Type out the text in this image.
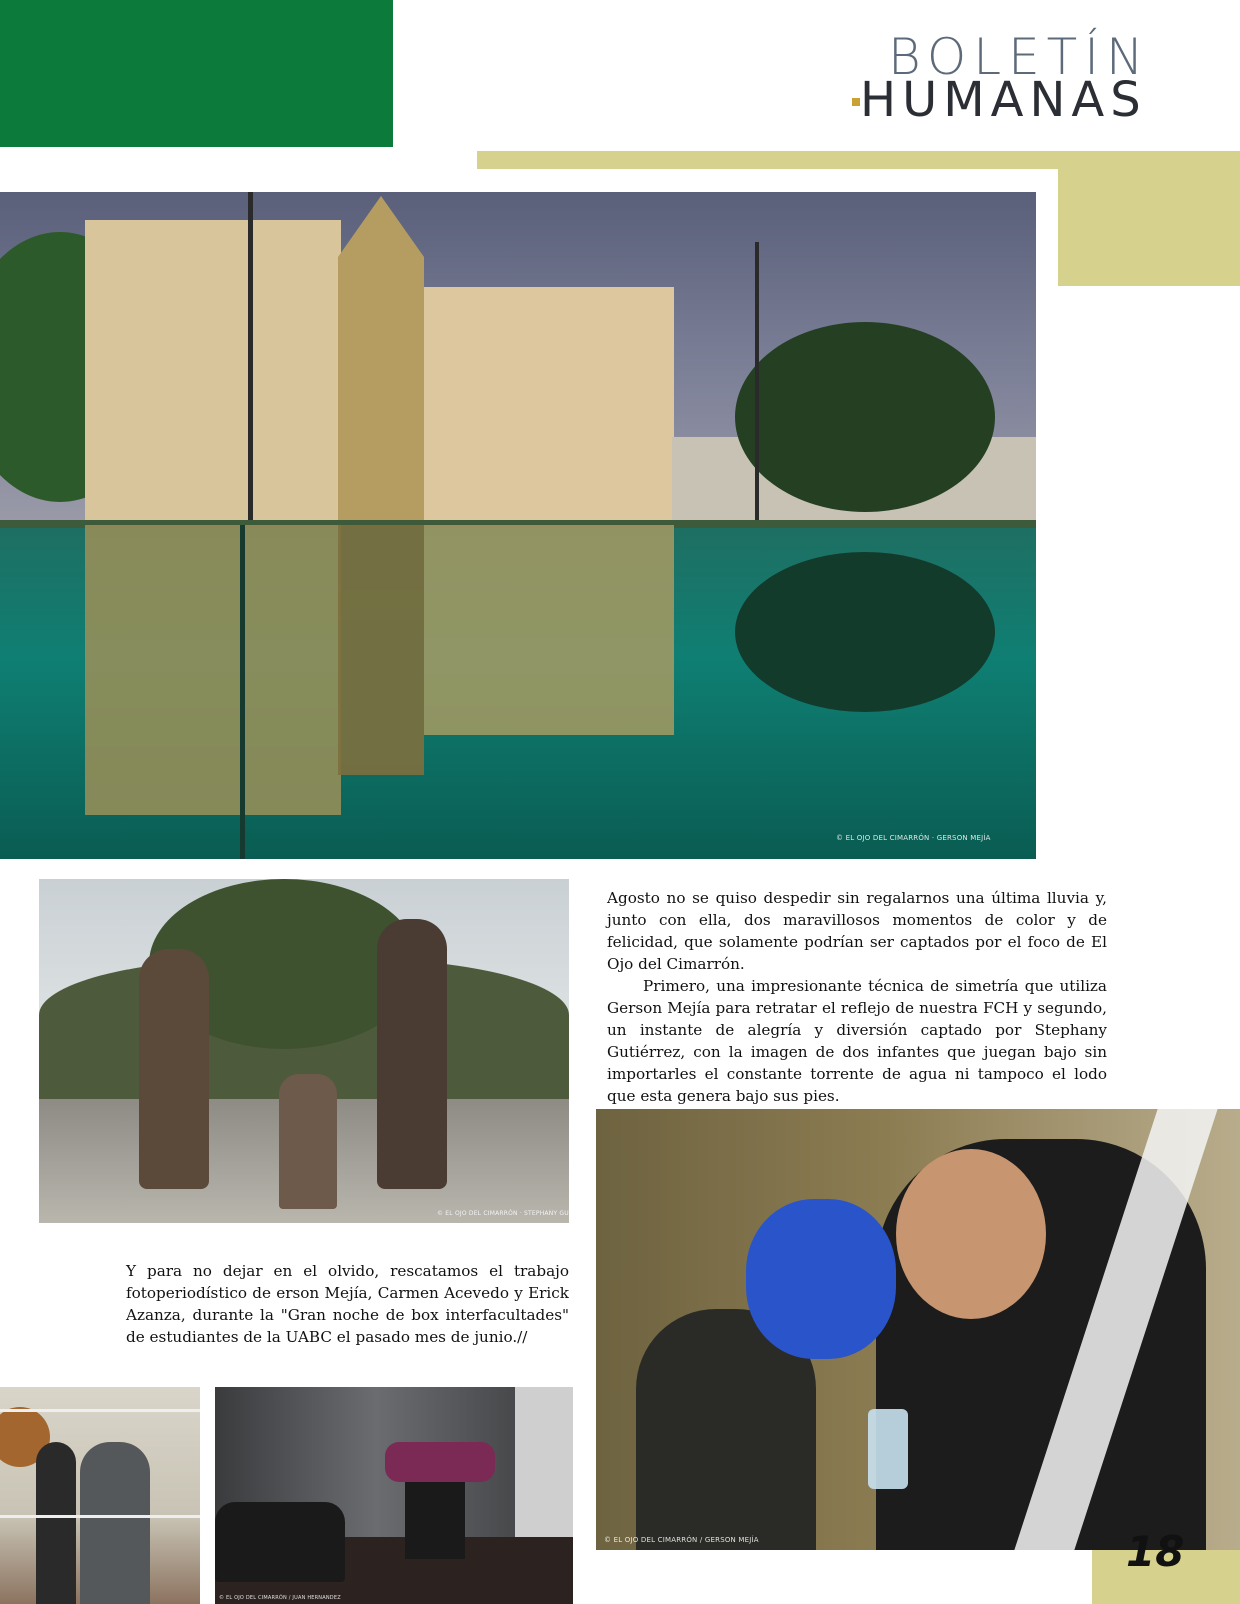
BOLETÍN
HUMANAS
© EL OJO DEL CIMARRÓN · GERSON MEJÍA
© EL OJO DEL CIMARRÓN · STEPHANY GUTIÉRREZ

Agosto no se quiso despedir sin regalarnos una última lluvia y, junto con ella, dos maravillosos momentos de color y de felicidad, que solamente podrían ser captados por el foco de El Ojo del Cimarrón.

Primero, una impresionante técnica de simetría que utiliza Gerson Mejía para retratar el reflejo de nuestra FCH y segundo, un instante de alegría y diversión captado por Stephany Gutiérrez, con la imagen de dos infantes que juegan bajo sin importarles el constante torrente de agua ni tampoco el lodo que esta genera bajo sus pies.

© EL OJO DEL CIMARRÓN / GERSON MEJÍA

Y para no dejar en el olvido, rescatamos el trabajo fotoperiodístico de erson Mejía, Carmen Acevedo y Erick Azanza, durante la "Gran noche de box interfacultades" de estudiantes de la UABC el pasado mes de junio.//

© EL OJO DEL CIMARRÓN / JUAN HERNANDEZ
18
